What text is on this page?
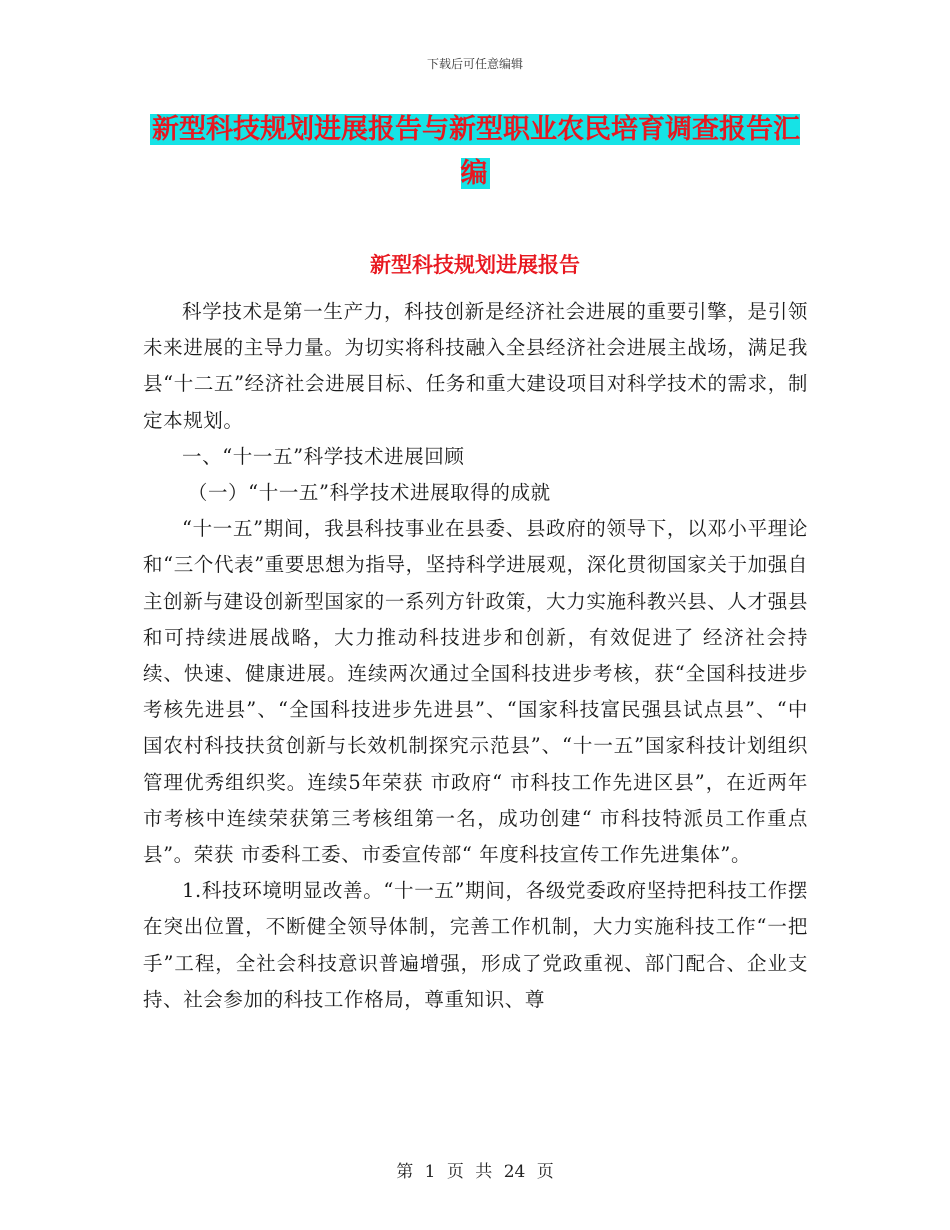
下载后可任意编辑
新型科技规划进展报告与新型职业农民培育调查报告汇编
新型科技规划进展报告

科学技术是第一生产力，科技创新是经济社会进展的重要引擎，是引领未来进展的主导力量。为切实将科技融入全县经济社会进展主战场，满足我县“十二五”经济社会进展目标、任务和重大建设项目对科学技术的需求，制定本规划。

一、“十一五”科学技术进展回顾

（一）“十一五”科学技术进展取得的成就

“十一五”期间，我县科技事业在县委、县政府的领导下，以邓小平理论和“三个代表”重要思想为指导，坚持科学进展观，深化贯彻国家关于加强自主创新与建设创新型国家的一系列方针政策，大力实施科教兴县、人才强县和可持续进展战略，大力推动科技进步和创新，有效促进了 经济社会持续、快速、健康进展。连续两次通过全国科技进步考核，获“全国科技进步考核先进县”、“全国科技进步先进县”、“国家科技富民强县试点县”、“中国农村科技扶贫创新与长效机制探究示范县”、“十一五”国家科技计划组织管理优秀组织奖。连续5年荣获 市政府“ 市科技工作先进区县”，在近两年 市考核中连续荣获第三考核组第一名，成功创建“ 市科技特派员工作重点县”。荣获 市委科工委、市委宣传部“ 年度科技宣传工作先进集体”。

1.科技环境明显改善。“十一五”期间，各级党委政府坚持把科技工作摆在突出位置，不断健全领导体制，完善工作机制，大力实施科技工作“一把手”工程，全社会科技意识普遍增强，形成了党政重视、部门配合、企业支持、社会参加的科技工作格局，尊重知识、尊

第 1 页 共 24 页
